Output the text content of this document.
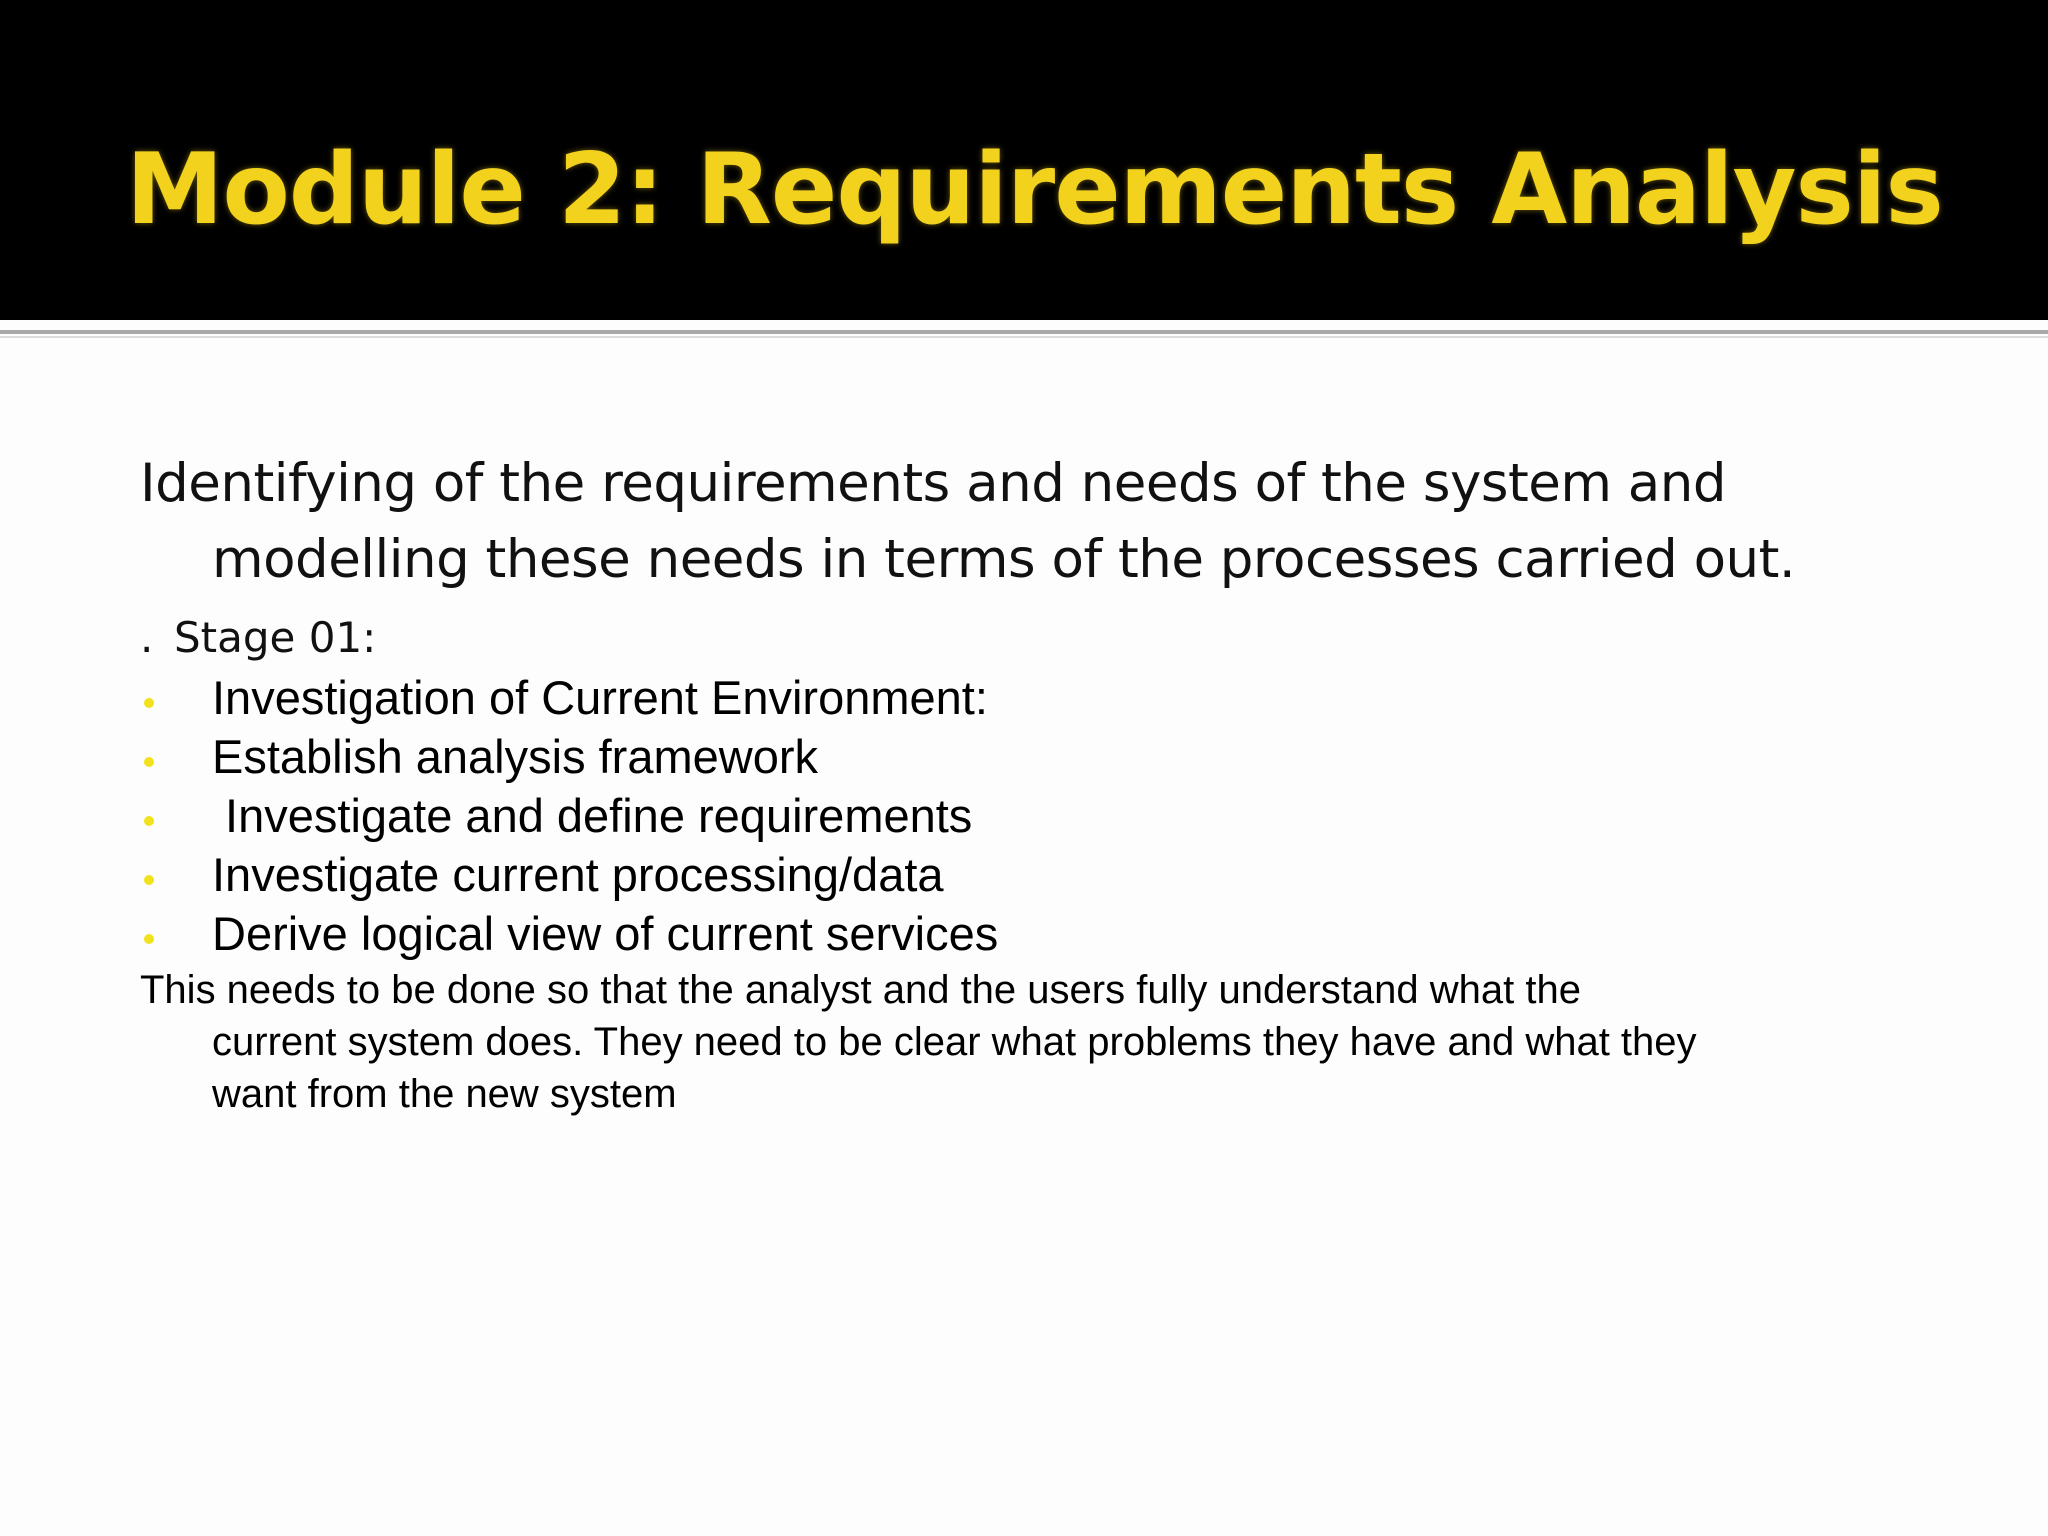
Module 2: Requirements Analysis
Identifying of the requirements and needs of the system and
modelling these needs in terms of the processes carried out.
. Stage 01:
Investigation of Current Environment:
Establish analysis framework
Investigate and define requirements
Investigate current processing/data
Derive logical view of current services
This needs to be done so that the analyst and the users fully understand what the
current system does. They need to be clear what problems they have and what they
want from the new system
